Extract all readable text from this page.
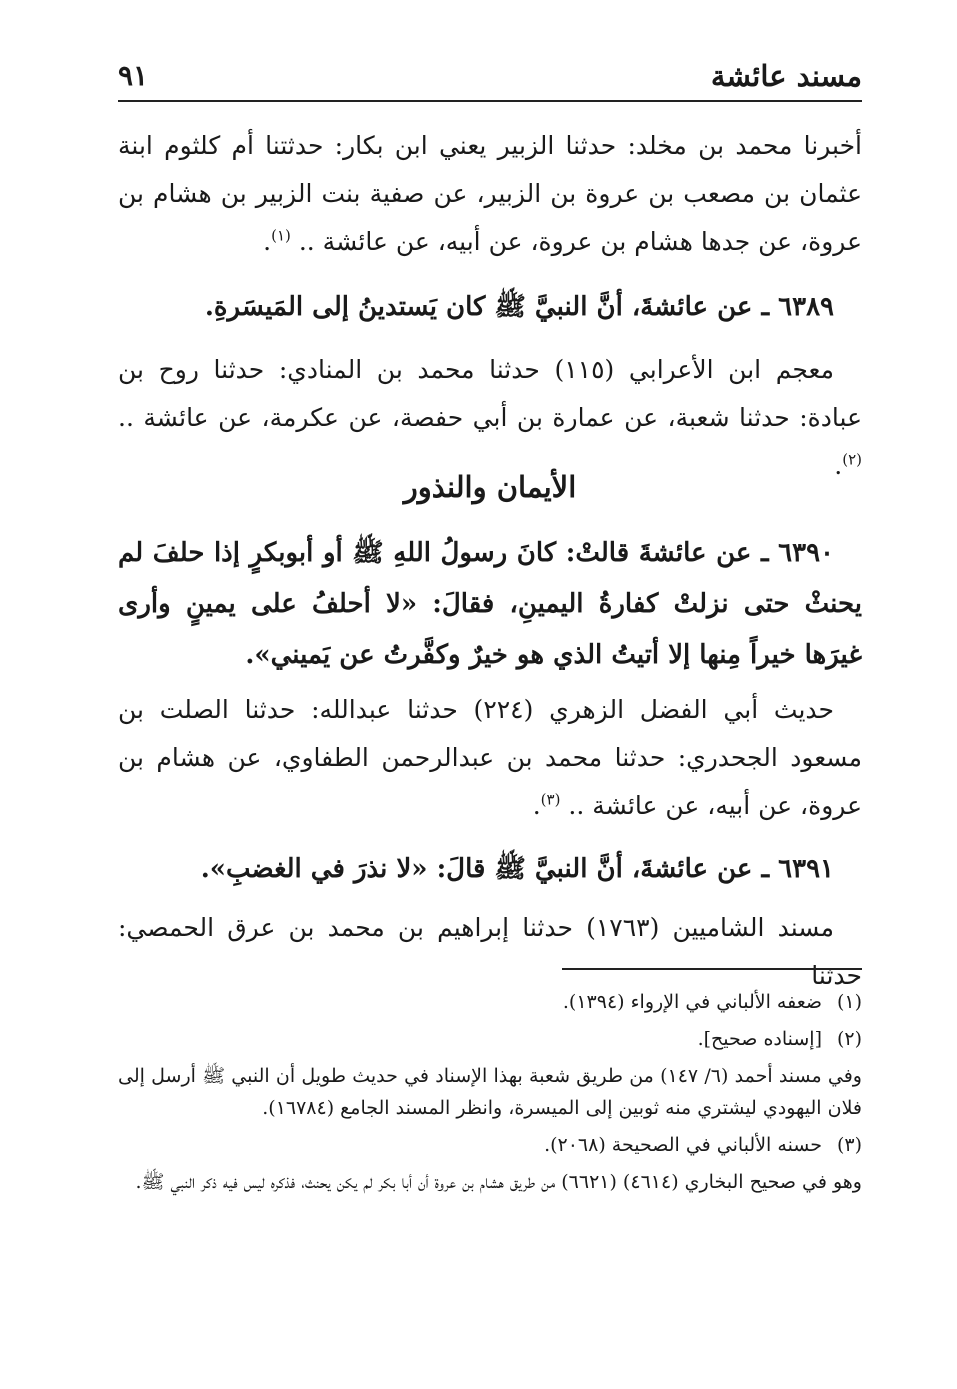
مسند عائشة
٩١

أخبرنا محمد بن مخلد: حدثنا الزبير يعني ابن بكار: حدثتنا أم كلثوم ابنة عثمان بن مصعب بن عروة بن الزبير، عن صفية بنت الزبير بن هشام بن عروة، عن جدها هشام بن عروة، عن أبيه، عن عائشة .. $^{(١)}$.

٦٣٨٩ ـ عن عائشةَ، أنَّ النبيَّ ﷺ كان يَستدينُ إلى المَيسَرةِ.

معجم ابن الأعرابي (١١٥) حدثنا محمد بن المنادي: حدثنا روح بن عبادة: حدثنا شعبة، عن عمارة بن أبي حفصة، عن عكرمة، عن عائشة .. $^{(٢)}$.

الأيمان والنذور

٦٣٩٠ ـ عن عائشةَ قالتْ: كانَ رسولُ اللهِ ﷺ أو أبوبكرٍ إذا حلفَ لم يحنثْ حتى نزلتْ كفارةُ اليمينِ، فقالَ: «لا أحلفُ على يمينٍ وأرى غيرَها خيراً مِنها إلا أتيتُ الذي هو خيرٌ وكفَّرتُ عن يَميني».

حديث أبي الفضل الزهري (٢٢٤) حدثنا عبدالله: حدثنا الصلت بن مسعود الجحدري: حدثنا محمد بن عبدالرحمن الطفاوي، عن هشام بن عروة، عن أبيه، عن عائشة .. $^{(٣)}$.

٦٣٩١ ـ عن عائشةَ، أنَّ النبيَّ ﷺ قالَ: «لا نذرَ في الغضبِ».

مسند الشاميين (١٧٦٣) حدثنا إبراهيم بن محمد بن عرق الحمصي: حدثنا

(١)ضعفه الألباني في الإرواء (١٣٩٤).

(٢)[إسناده صحيح].

وفي مسند أحمد (٦/ ١٤٧) من طريق شعبة بهذا الإسناد في حديث طويل أن النبي ﷺ أرسل إلى فلان اليهودي ليشتري منه ثوبين إلى الميسرة، وانظر المسند الجامع (١٦٧٨٤).

(٣)حسنه الألباني في الصحيحة (٢٠٦٨).

وهو في صحيح البخاري (٤٦١٤) (٦٦٢١) من طريق هشام بن عروة أن أبا بكر لم يكن يحنث، فذكره ليس فيه ذكر النبي ﷺ.
